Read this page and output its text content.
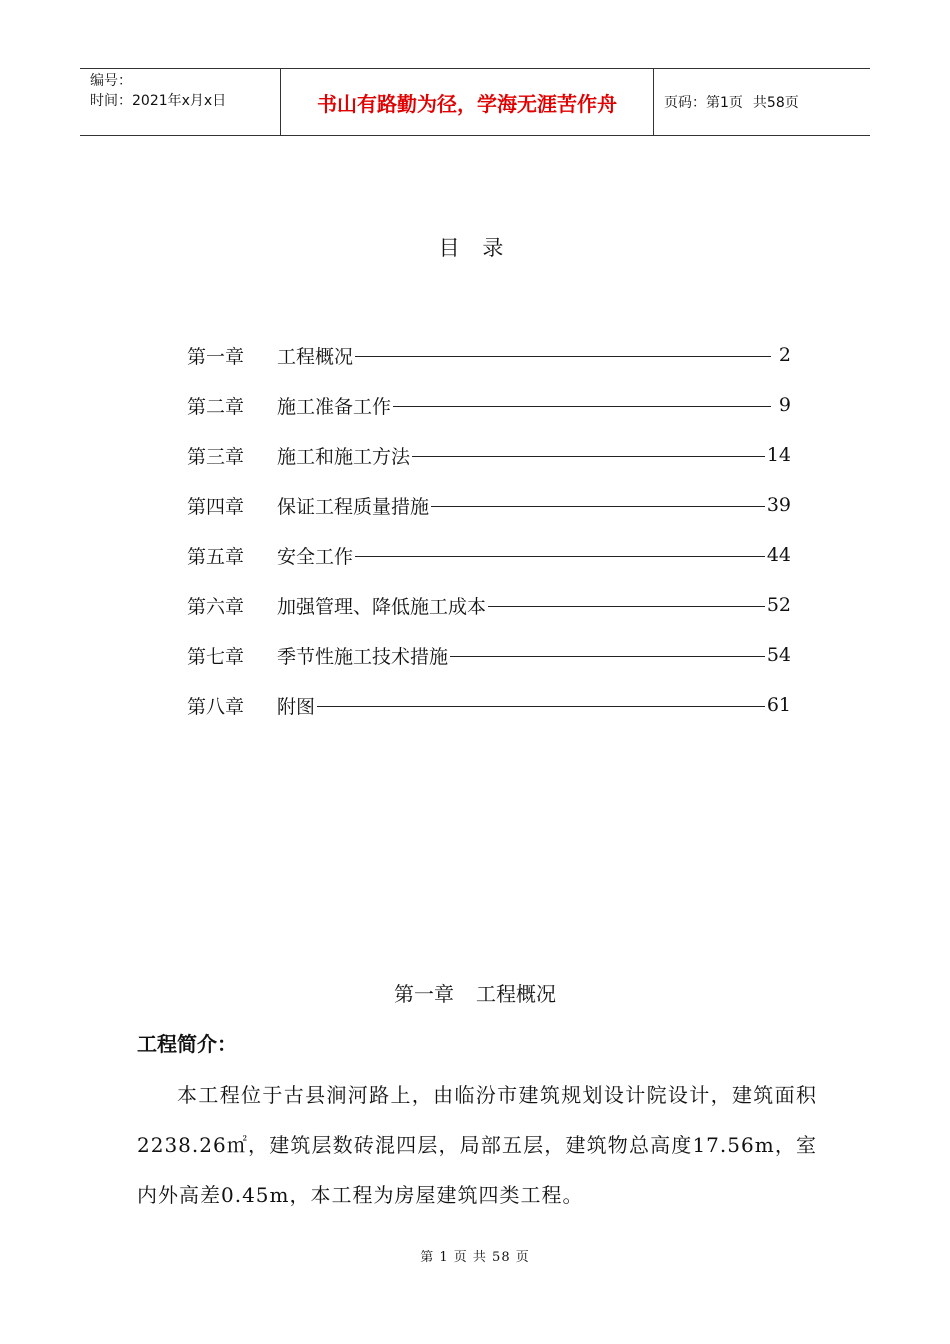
编号：
时间：2021年x月x日	书山有路勤为径，学海无涯苦作舟	页码：第1页 共58页
目 录
第一章	工程概况	2
第二章	施工准备工作	9
第三章	施工和施工方法	14
第四章	保证工程质量措施	39
第五章	安全工作	44
第六章	加强管理、降低施工成本	52
第七章	季节性施工技术措施	54
第八章	附图	61
第一章 工程概况
工程简介：
本工程位于古县涧河路上，由临汾市建筑规划设计院设计，建筑面积2238.26㎡，建筑层数砖混四层，局部五层，建筑物总高度17.56m，室内外高差0.45m，本工程为房屋建筑四类工程。
第 1 页 共 58 页
